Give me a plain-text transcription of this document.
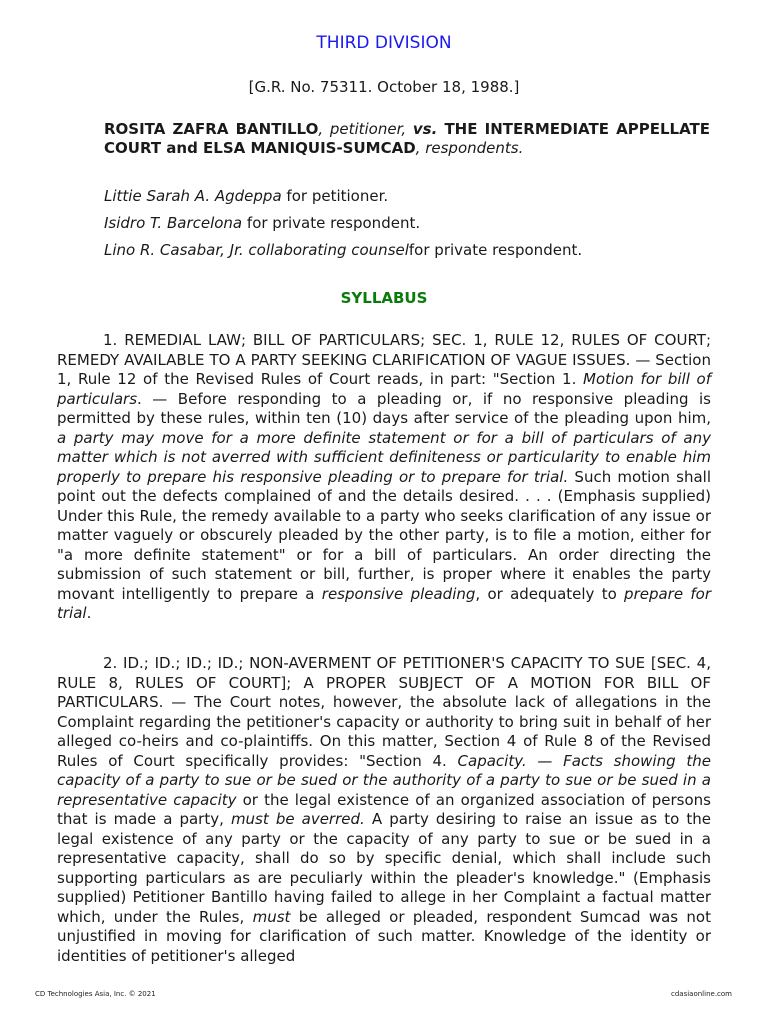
THIRD DIVISION
[G.R. No. 75311. October 18, 1988.]
ROSITA ZAFRA BANTILLO, petitioner, vs. THE INTERMEDIATE APPELLATE COURT and ELSA MANIQUIS-SUMCAD, respondents.
Littie Sarah A. Agdeppa for petitioner.
Isidro T. Barcelona for private respondent.
Lino R. Casabar, Jr. collaborating counselfor private respondent.
SYLLABUS

1. REMEDIAL LAW; BILL OF PARTICULARS; SEC. 1, RULE 12, RULES OF COURT; REMEDY AVAILABLE TO A PARTY SEEKING CLARIFICATION OF VAGUE ISSUES. — Section 1, Rule 12 of the Revised Rules of Court reads, in part: "Section 1. Motion for bill of particulars. — Before responding to a pleading or, if no responsive pleading is permitted by these rules, within ten (10) days after service of the pleading upon him, a party may move for a more definite statement or for a bill of particulars of any matter which is not averred with sufficient definiteness or particularity to enable him properly to prepare his responsive pleading or to prepare for trial. Such motion shall point out the defects complained of and the details desired. . . . (Emphasis supplied) Under this Rule, the remedy available to a party who seeks clarification of any issue or matter vaguely or obscurely pleaded by the other party, is to file a motion, either for "a more definite statement" or for a bill of particulars. An order directing the submission of such statement or bill, further, is proper where it enables the party movant intelligently to prepare a responsive pleading, or adequately to prepare for trial.

2. ID.; ID.; ID.; ID.; NON-AVERMENT OF PETITIONER'S CAPACITY TO SUE [SEC. 4, RULE 8, RULES OF COURT]; A PROPER SUBJECT OF A MOTION FOR BILL OF PARTICULARS. — The Court notes, however, the absolute lack of allegations in the Complaint regarding the petitioner's capacity or authority to bring suit in behalf of her alleged co-heirs and co-plaintiffs. On this matter, Section 4 of Rule 8 of the Revised Rules of Court specifically provides: "Section 4. Capacity. — Facts showing the capacity of a party to sue or be sued or the authority of a party to sue or be sued in a representative capacity or the legal existence of an organized association of persons that is made a party, must be averred. A party desiring to raise an issue as to the legal existence of any party or the capacity of any party to sue or be sued in a representative capacity, shall do so by specific denial, which shall include such supporting particulars as are peculiarly within the pleader's knowledge." (Emphasis supplied) Petitioner Bantillo having failed to allege in her Complaint a factual matter which, under the Rules, must be alleged or pleaded, respondent Sumcad was not unjustified in moving for clarification of such matter. Knowledge of the identity or identities of petitioner's alleged

CD Technologies Asia, Inc. © 2021	cdasiaonline.com
